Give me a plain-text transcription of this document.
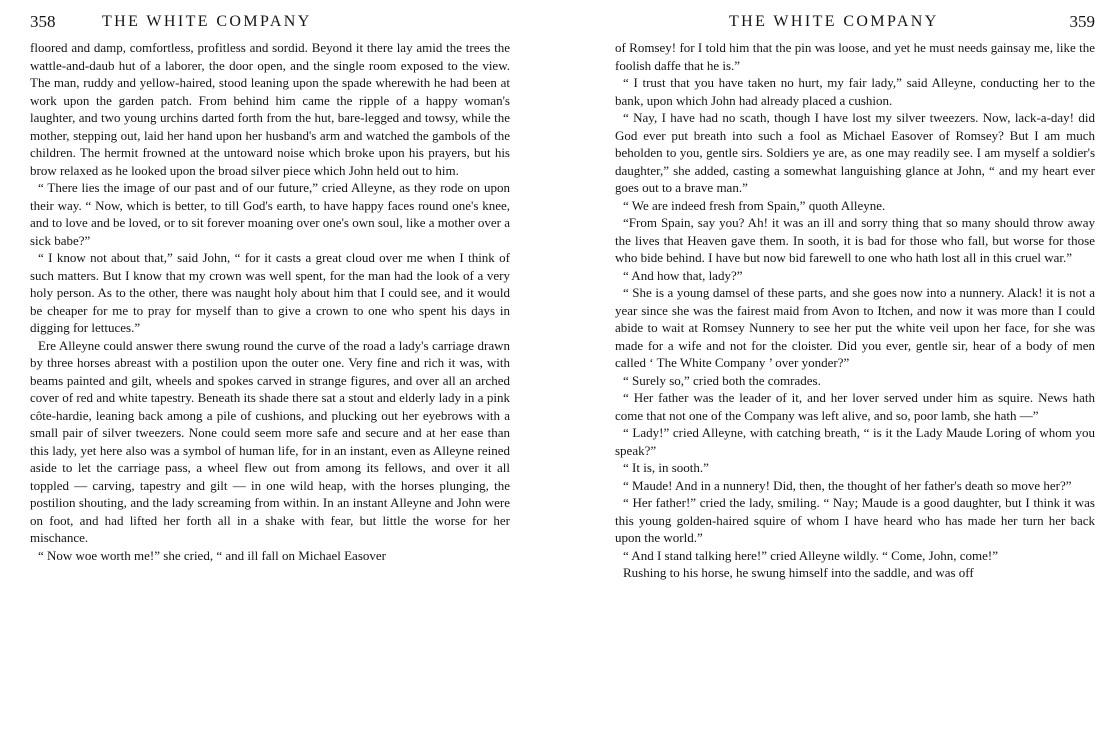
358	THE WHITE COMPANY

floored and damp, comfortless, profitless and sordid. Beyond it there lay amid the trees the wattle-and-daub hut of a laborer, the door open, and the single room exposed to the view. The man, ruddy and yellow-haired, stood leaning upon the spade wherewith he had been at work upon the garden patch. From behind him came the ripple of a happy woman's laughter, and two young urchins darted forth from the hut, bare-legged and towsy, while the mother, stepping out, laid her hand upon her husband's arm and watched the gambols of the children. The hermit frowned at the untoward noise which broke upon his prayers, but his brow relaxed as he looked upon the broad silver piece which John held out to him.

“ There lies the image of our past and of our future,” cried Alleyne, as they rode on upon their way. “ Now, which is better, to till God's earth, to have happy faces round one's knee, and to love and be loved, or to sit forever moaning over one's own soul, like a mother over a sick babe?”

“ I know not about that,” said John, “ for it casts a great cloud over me when I think of such matters. But I know that my crown was well spent, for the man had the look of a very holy person. As to the other, there was naught holy about him that I could see, and it would be cheaper for me to pray for myself than to give a crown to one who spent his days in digging for lettuces.”

Ere Alleyne could answer there swung round the curve of the road a lady's carriage drawn by three horses abreast with a postilion upon the outer one. Very fine and rich it was, with beams painted and gilt, wheels and spokes carved in strange figures, and over all an arched cover of red and white tapestry. Beneath its shade there sat a stout and elderly lady in a pink côte-hardie, leaning back among a pile of cushions, and plucking out her eyebrows with a small pair of silver tweezers. None could seem more safe and secure and at her ease than this lady, yet here also was a symbol of human life, for in an instant, even as Alleyne reined aside to let the carriage pass, a wheel flew out from among its fellows, and over it all toppled — carving, tapestry and gilt — in one wild heap, with the horses plunging, the postilion shouting, and the lady screaming from within. In an instant Alleyne and John were on foot, and had lifted her forth all in a shake with fear, but little the worse for her mischance.

“ Now woe worth me!” she cried, “ and ill fall on Michael Easover

THE WHITE COMPANY	359

of Romsey! for I told him that the pin was loose, and yet he must needs gainsay me, like the foolish daffe that he is.”

“ I trust that you have taken no hurt, my fair lady,” said Alleyne, conducting her to the bank, upon which John had already placed a cushion.

“ Nay, I have had no scath, though I have lost my silver tweezers. Now, lack-a-day! did God ever put breath into such a fool as Michael Easover of Romsey? But I am much beholden to you, gentle sirs. Soldiers ye are, as one may readily see. I am myself a soldier's daughter,” she added, casting a somewhat languishing glance at John, “ and my heart ever goes out to a brave man.”

“ We are indeed fresh from Spain,” quoth Alleyne.

“From Spain, say you? Ah! it was an ill and sorry thing that so many should throw away the lives that Heaven gave them. In sooth, it is bad for those who fall, but worse for those who bide behind. I have but now bid farewell to one who hath lost all in this cruel war.”

“ And how that, lady?”

“ She is a young damsel of these parts, and she goes now into a nunnery. Alack! it is not a year since she was the fairest maid from Avon to Itchen, and now it was more than I could abide to wait at Romsey Nunnery to see her put the white veil upon her face, for she was made for a wife and not for the cloister. Did you ever, gentle sir, hear of a body of men called ‘ The White Company ’ over yonder?”

“ Surely so,” cried both the comrades.

“ Her father was the leader of it, and her lover served under him as squire. News hath come that not one of the Company was left alive, and so, poor lamb, she hath —”

“ Lady!” cried Alleyne, with catching breath, “ is it the Lady Maude Loring of whom you speak?”

“ It is, in sooth.”

“ Maude! And in a nunnery! Did, then, the thought of her father's death so move her?”

“ Her father!” cried the lady, smiling. “ Nay; Maude is a good daughter, but I think it was this young golden-haired squire of whom I have heard who has made her turn her back upon the world.”

“ And I stand talking here!” cried Alleyne wildly. “ Come, John, come!”

Rushing to his horse, he swung himself into the saddle, and was off
